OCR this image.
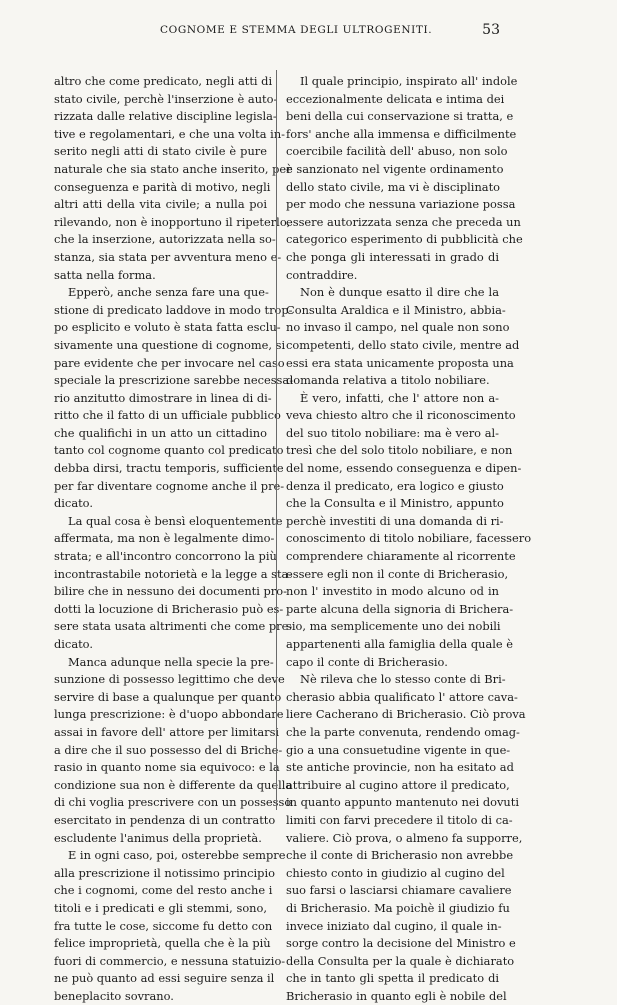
COGNOME E STEMMA DEGLI ULTROGENITI.	53
altro che come predicato, negli atti di
stato civile, perchè l'inserzione è auto-
rizzata dalle relative discipline legisla-
tive e regolamentari, e che una volta in-
serito negli atti di stato civile è pure
naturale che sia stato anche inserito, per
conseguenza e parità di motivo, negli
altri atti della vita civile; a nulla poi
rilevando, non è inopportuno il ripeterlo,
che la inserzione, autorizzata nella so-
stanza, sia stata per avventura meno e-
satta nella forma.
Epperò, anche senza fare una que-
stione di predicato laddove in modo trop-
po esplicito e voluto è stata fatta esclu-
sivamente una questione di cognome, si
pare evidente che per invocare nel caso
speciale la prescrizione sarebbe necessa-
rio anzitutto dimostrare in linea di di-
ritto che il fatto di un ufficiale pubblico
che qualifichi in un atto un cittadino
tanto col cognome quanto col predicato
debba dirsi, tractu temporis, sufficiente
per far diventare cognome anche il pre-
dicato.
La qual cosa è bensì eloquentemente
affermata, ma non è legalmente dimo-
strata; e all'incontro concorrono la più
incontrastabile notorietà e la legge a sta-
bilire che in nessuno dei documenti pro-
dotti la locuzione di Bricherasio può es-
sere stata usata altrimenti che come pre-
dicato.
Manca adunque nella specie la pre-
sunzione di possesso legittimo che deve
servire di base a qualunque per quanto
lunga prescrizione: è d'uopo abbondare
assai in favore dell' attore per limitarsi
a dire che il suo possesso del di Briche-
rasio in quanto nome sia equivoco: e la
condizione sua non è differente da quella
di chi voglia prescrivere con un possesso
esercitato in pendenza di un contratto
escludente l'animus della proprietà.
E in ogni caso, poi, osterebbe sempre
alla prescrizione il notissimo principio
che i cognomi, come del resto anche i
titoli e i predicati e gli stemmi, sono,
fra tutte le cose, siccome fu detto con
felice improprietà, quella che è la più
fuori di commercio, e nessuna statuizio-
ne può quanto ad essi seguire senza il
beneplacito sovrano.
Il quale principio, inspirato all' indole
eccezionalmente delicata e intima dei
beni della cui conservazione si tratta, e
fors' anche alla immensa e difficilmente
coercibile facilità dell' abuso, non solo
è sanzionato nel vigente ordinamento
dello stato civile, ma vi è disciplinato
per modo che nessuna variazione possa
essere autorizzata senza che preceda un
categorico esperimento di pubblicità che
che ponga gli interessati in grado di
contraddire.
Non è dunque esatto il dire che la
Consulta Araldica e il Ministro, abbia-
no invaso il campo, nel quale non sono
competenti, dello stato civile, mentre ad
essi era stata unicamente proposta una
domanda relativa a titolo nobiliare.
È vero, infatti, che l' attore non a-
veva chiesto altro che il riconoscimento
del suo titolo nobiliare: ma è vero al-
tresì che del solo titolo nobiliare, e non
del nome, essendo conseguenza e dipen-
denza il predicato, era logico e giusto
che la Consulta e il Ministro, appunto
perchè investiti di una domanda di ri-
conoscimento di titolo nobiliare, facessero
comprendere chiaramente al ricorrente
essere egli non il conte di Bricherasio,
non l' investito in modo alcuno od in
parte alcuna della signoria di Brichera-
sio, ma semplicemente uno dei nobili
appartenenti alla famiglia della quale è
capo il conte di Bricherasio.
Nè rileva che lo stesso conte di Bri-
cherasio abbia qualificato l' attore cava-
liere Cacherano di Bricherasio. Ciò prova
che la parte convenuta, rendendo omag-
gio a una consuetudine vigente in que-
ste antiche provincie, non ha esitato ad
attribuire al cugino attore il predicato,
in quanto appunto mantenuto nei dovuti
limiti con farvi precedere il titolo di ca-
valiere. Ciò prova, o almeno fa supporre,
che il conte di Bricherasio non avrebbe
chiesto conto in giudizio al cugino del
suo farsi o lasciarsi chiamare cavaliere
di Bricherasio. Ma poichè il giudizio fu
invece iniziato dal cugino, il quale in-
sorge contro la decisione del Ministro e
della Consulta per la quale è dichiarato
che in tanto gli spetta il predicato di
Bricherasio in quanto egli è nobile del
